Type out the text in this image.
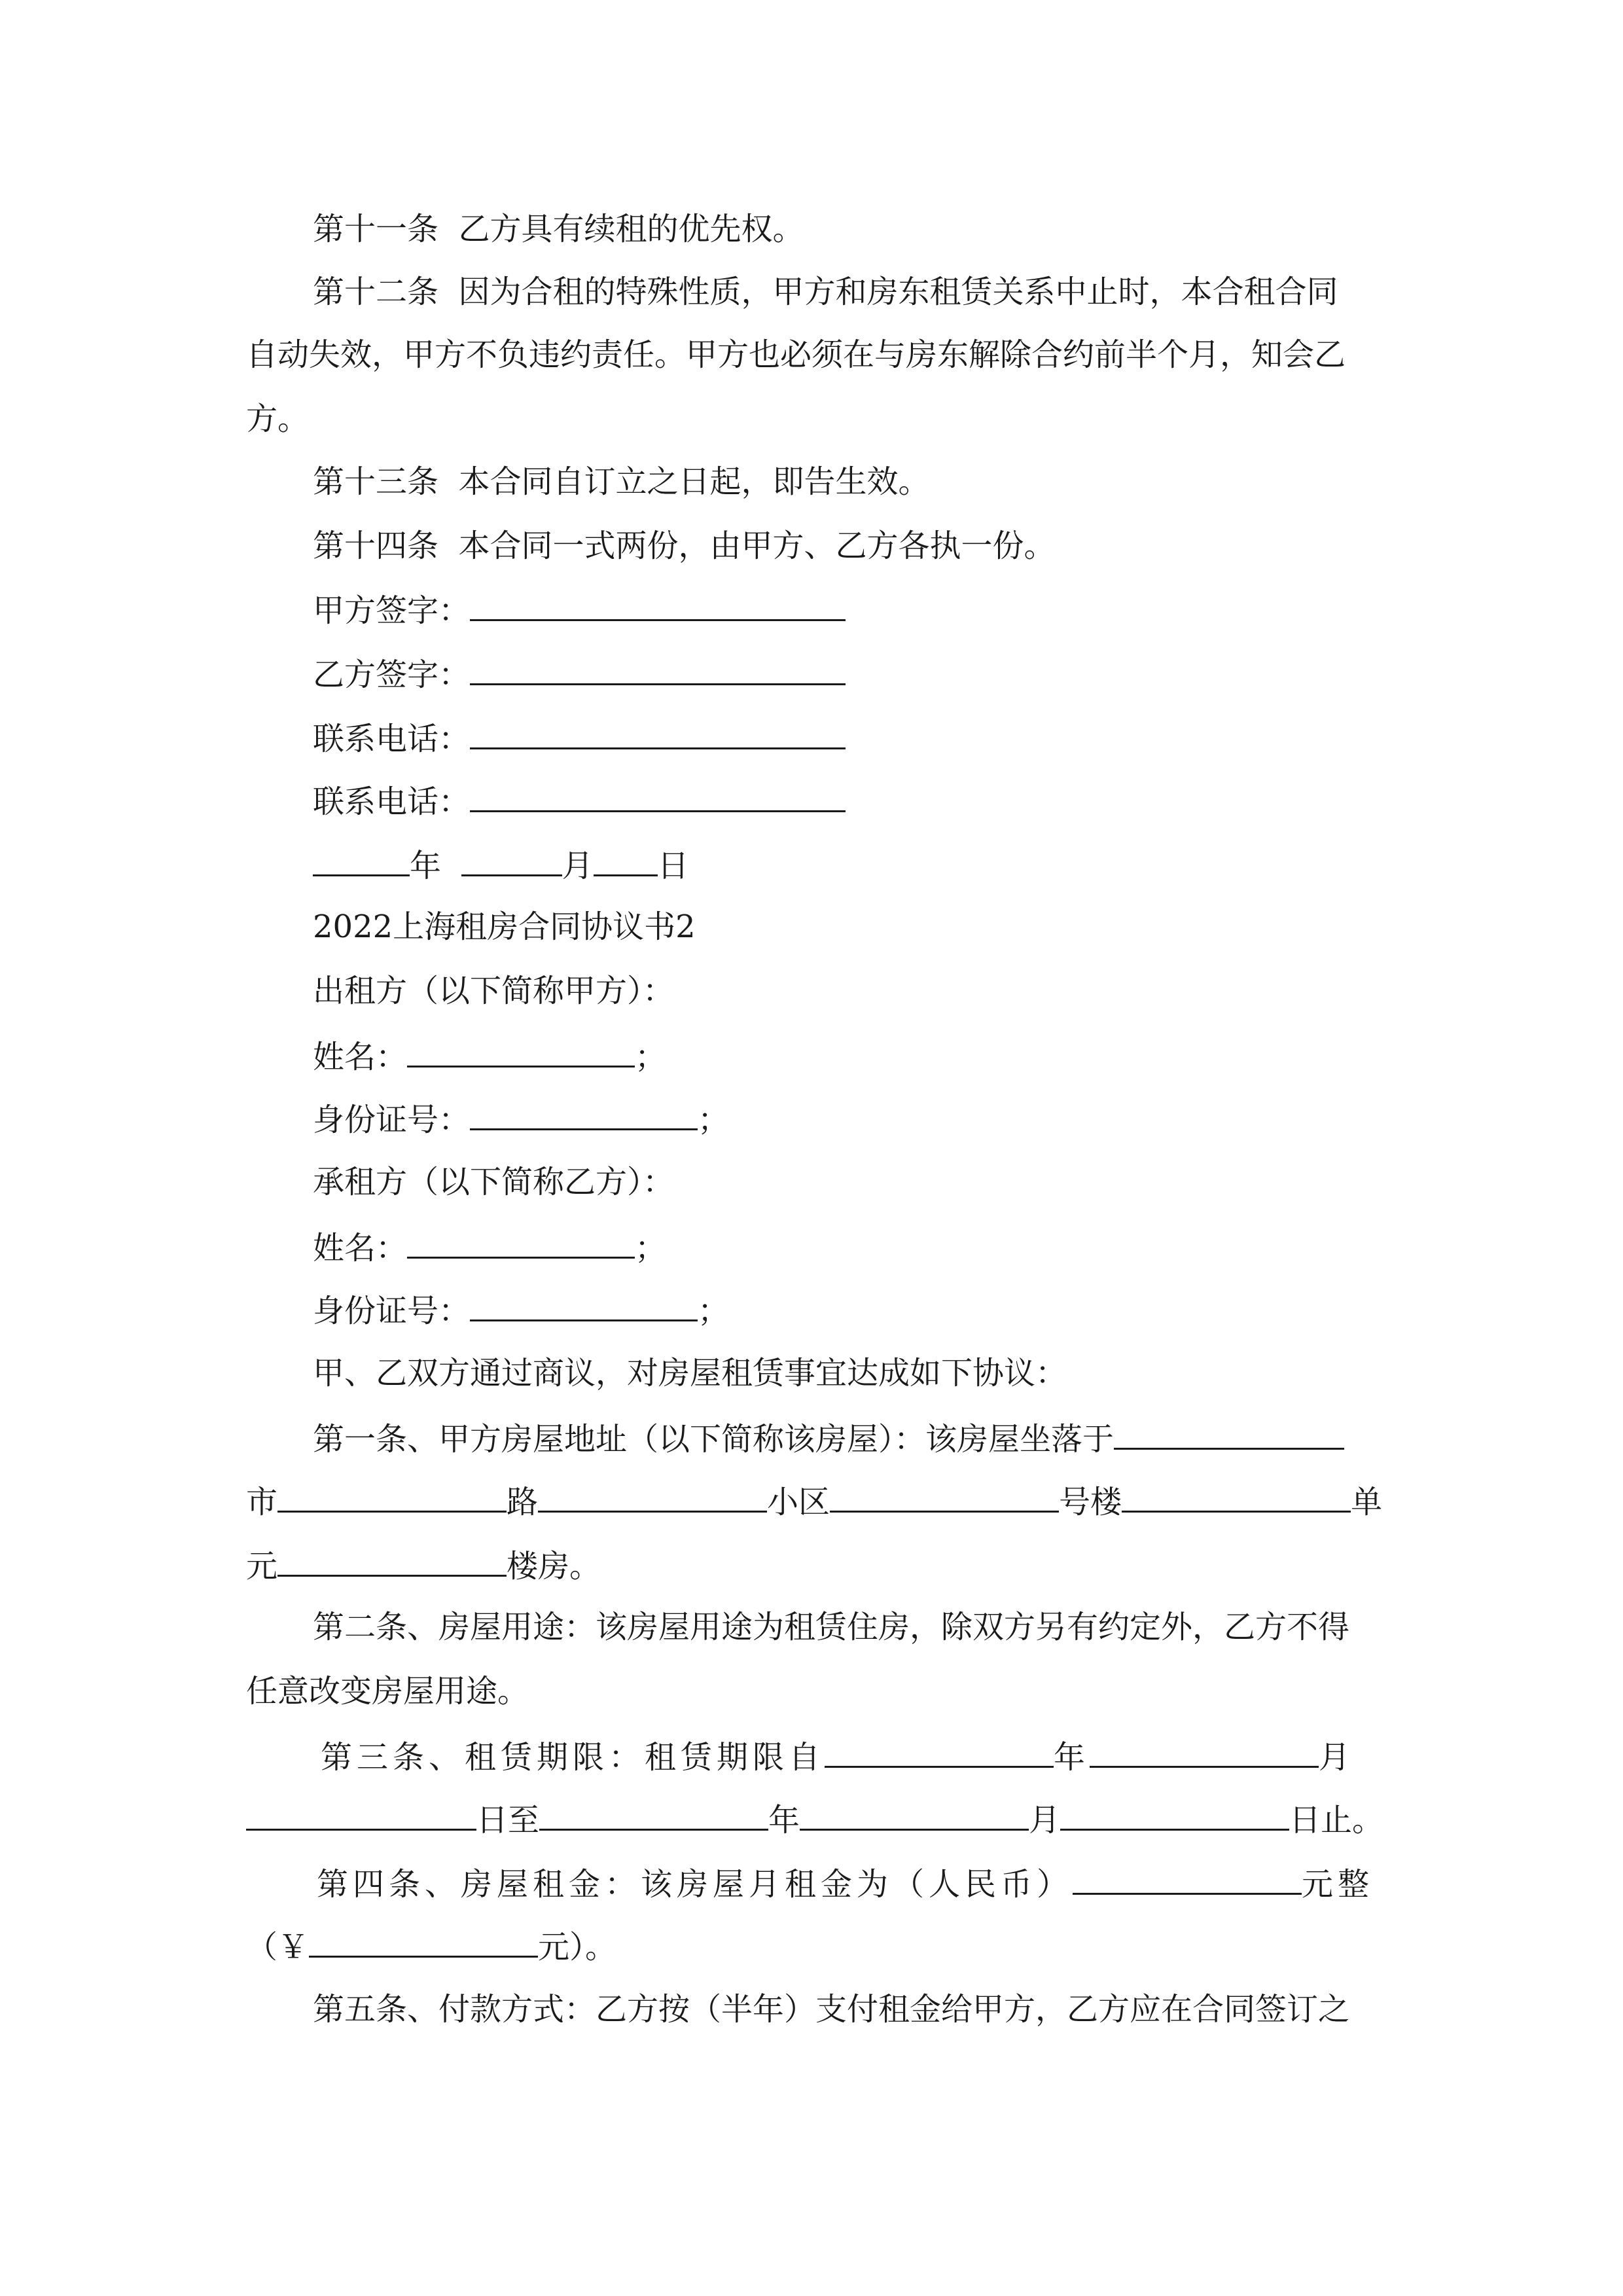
第十一条  乙方具有续租的优先权。
第十二条  因为合租的特殊性质，甲方和房东租赁关系中止时，本合租合同
自动失效，甲方不负违约责任。甲方也必须在与房东解除合约前半个月，知会乙
方。
第十三条  本合同自订立之日起，即告生效。
第十四条  本合同一式两份，由甲方、乙方各执一份。
甲方签字：
乙方签字：
联系电话：
联系电话：
年	月 日
2022上海租房合同协议书2
出租方（以下简称甲方）：
姓名：	；
身份证号：	；
承租方（以下简称乙方）：
姓名：	；
身份证号：	；
甲、乙双方通过商议，对房屋租赁事宜达成如下协议：
第一条、甲方房屋地址（以下简称该房屋）：该房屋坐落于
市	路	小区	号楼	单
元	楼房。
第二条、房屋用途：该房屋用途为租赁住房，除双方另有约定外，乙方不得
任意改变房屋用途。
第三条、租赁期限：租赁期限自	年	月
日至	年	月	日止。
第四条、房屋租金：该房屋月租金为（人民币）	元整
（￥	元）。
第五条、付款方式：乙方按（半年）支付租金给甲方，乙方应在合同签订之
